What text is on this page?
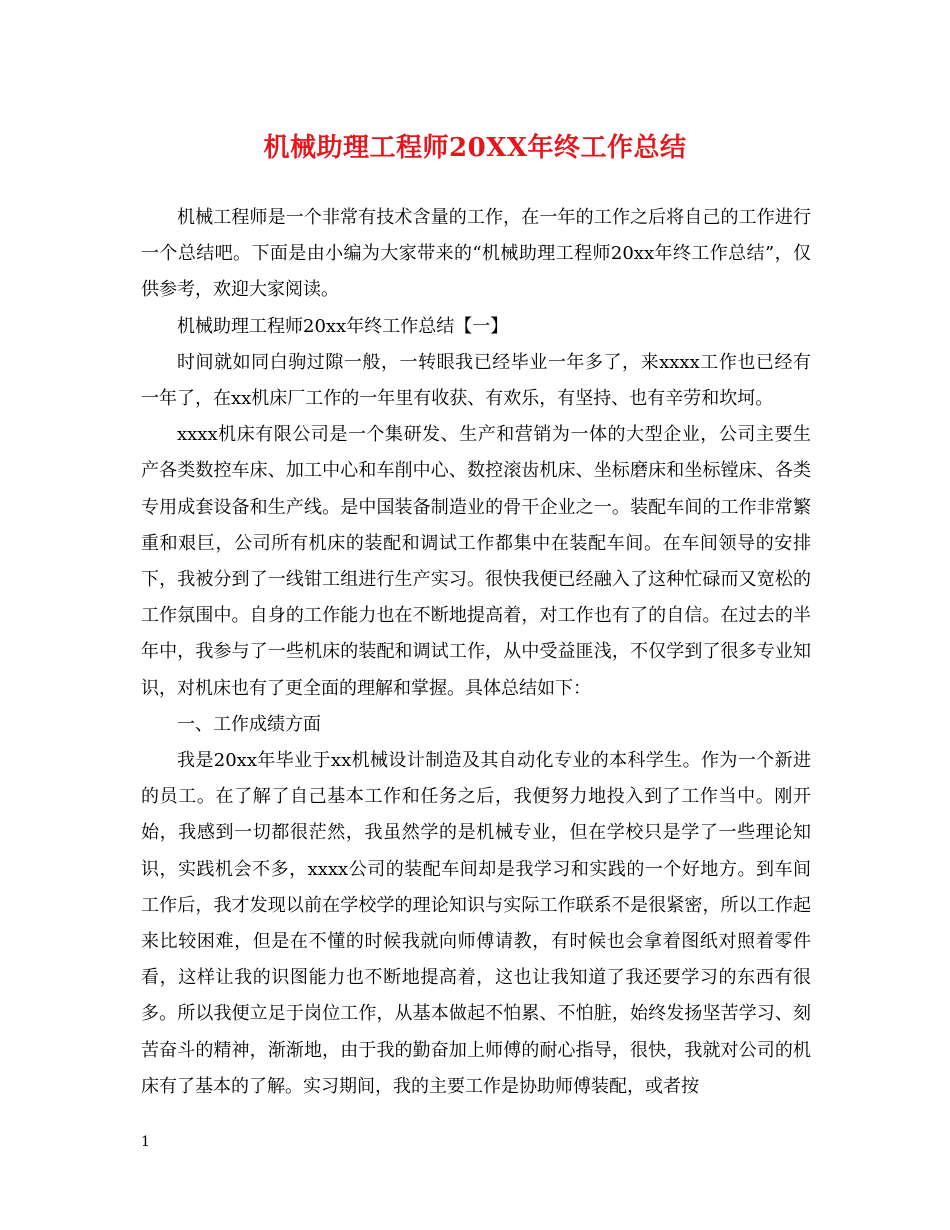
机械助理工程师20XX年终工作总结

机械工程师是一个非常有技术含量的工作，在一年的工作之后将自己的工作进行一个总结吧。下面是由小编为大家带来的“机械助理工程师20xx年终工作总结”，仅供参考，欢迎大家阅读。

机械助理工程师20xx年终工作总结【一】

时间就如同白驹过隙一般，一转眼我已经毕业一年多了，来xxxx工作也已经有一年了，在xx机床厂工作的一年里有收获、有欢乐，有坚持、也有辛劳和坎坷。

xxxx机床有限公司是一个集研发、生产和营销为一体的大型企业，公司主要生产各类数控车床、加工中心和车削中心、数控滚齿机床、坐标磨床和坐标镗床、各类专用成套设备和生产线。是中国装备制造业的骨干企业之一。装配车间的工作非常繁重和艰巨，公司所有机床的装配和调试工作都集中在装配车间。在车间领导的安排下，我被分到了一线钳工组进行生产实习。很快我便已经融入了这种忙碌而又宽松的工作氛围中。自身的工作能力也在不断地提高着，对工作也有了的自信。在过去的半年中，我参与了一些机床的装配和调试工作，从中受益匪浅，不仅学到了很多专业知识，对机床也有了更全面的理解和掌握。具体总结如下：

一、工作成绩方面

我是20xx年毕业于xx机械设计制造及其自动化专业的本科学生。作为一个新进的员工。在了解了自己基本工作和任务之后，我便努力地投入到了工作当中。刚开始，我感到一切都很茫然，我虽然学的是机械专业，但在学校只是学了一些理论知识，实践机会不多，xxxx公司的装配车间却是我学习和实践的一个好地方。到车间工作后，我才发现以前在学校学的理论知识与实际工作联系不是很紧密，所以工作起来比较困难，但是在不懂的时候我就向师傅请教，有时候也会拿着图纸对照着零件看，这样让我的识图能力也不断地提高着，这也让我知道了我还要学习的东西有很多。所以我便立足于岗位工作，从基本做起不怕累、不怕脏，始终发扬坚苦学习、刻苦奋斗的精神，渐渐地，由于我的勤奋加上师傅的耐心指导，很快，我就对公司的机床有了基本的了解。实习期间，我的主要工作是协助师傅装配，或者按

1
